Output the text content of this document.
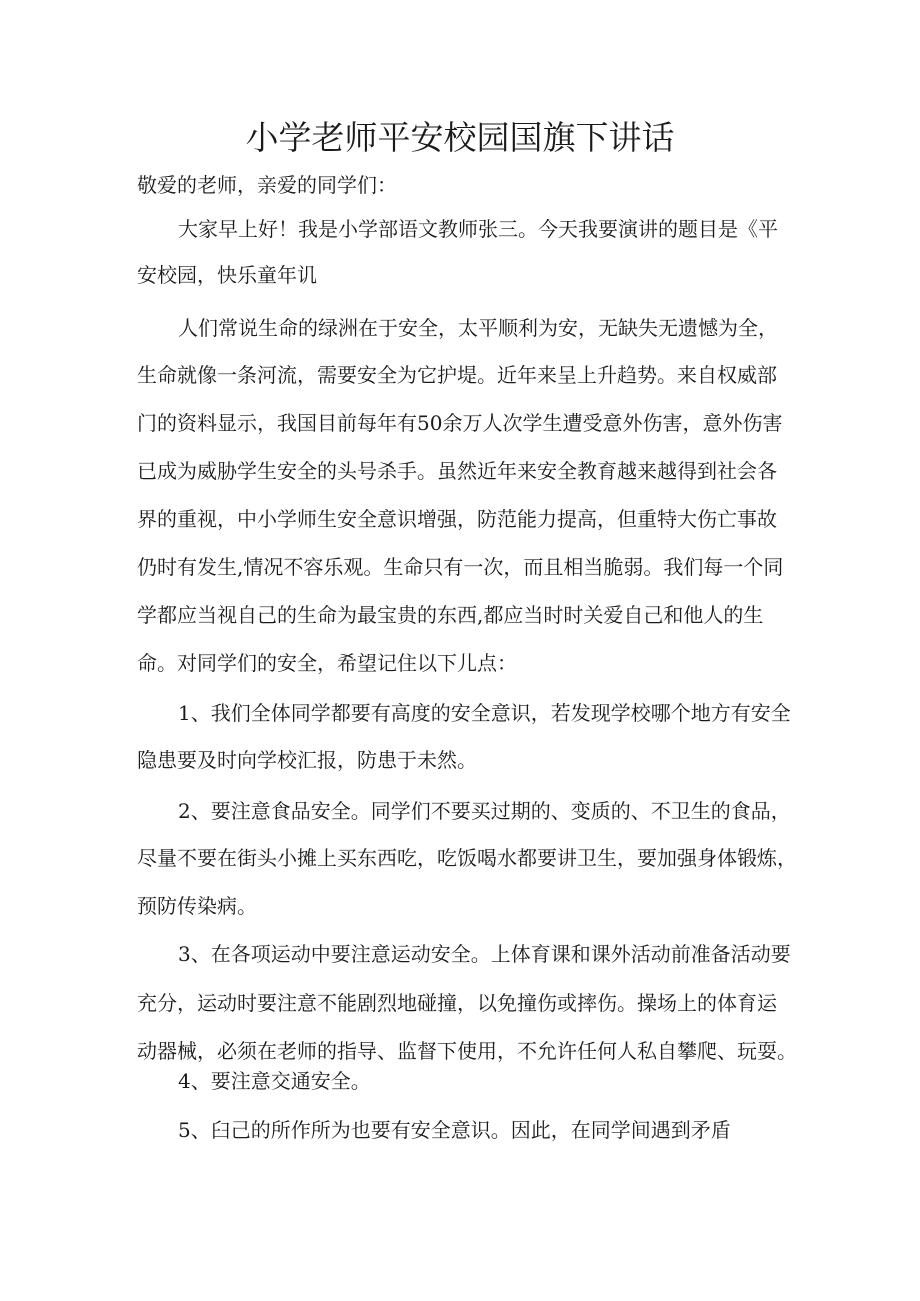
小学老师平安校园国旗下讲话

敬爱的老师，亲爱的同学们：

大家早上好！我是小学部语文教师张三。今天我要演讲的题目是《平

安校园，快乐童年讥

人们常说生命的绿洲在于安全，太平顺利为安，无缺失无遗憾为全，

生命就像一条河流，需要安全为它护堤。近年来呈上升趋势。来自权威部

门的资料显示，我国目前每年有50余万人次学生遭受意外伤害，意外伤害

已成为威胁学生安全的头号杀手。虽然近年来安全教育越来越得到社会各

界的重视，中小学师生安全意识增强，防范能力提高，但重特大伤亡事故

仍时有发生,情况不容乐观。生命只有一次，而且相当脆弱。我们每一个同

学都应当视自己的生命为最宝贵的东西,都应当时时关爱自己和他人的生

命。对同学们的安全，希望记住以下儿点：

1、我们全体同学都要有高度的安全意识，若发现学校哪个地方有安全

隐患要及时向学校汇报，防患于未然。

2、要注意食品安全。同学们不要买过期的、变质的、不卫生的食品，

尽量不要在街头小摊上买东西吃，吃饭喝水都要讲卫生，要加强身体锻炼，

预防传染病。

3、在各项运动中要注意运动安全。上体育课和课外活动前准备活动要

充分，运动时要注意不能剧烈地碰撞，以免撞伤或摔伤。操场上的体育运

动器械，必须在老师的指导、监督下使用，不允许任何人私自攀爬、玩耍。

4、要注意交通安全。

5、臼己的所作所为也要有安全意识。因此，在同学间遇到矛盾
